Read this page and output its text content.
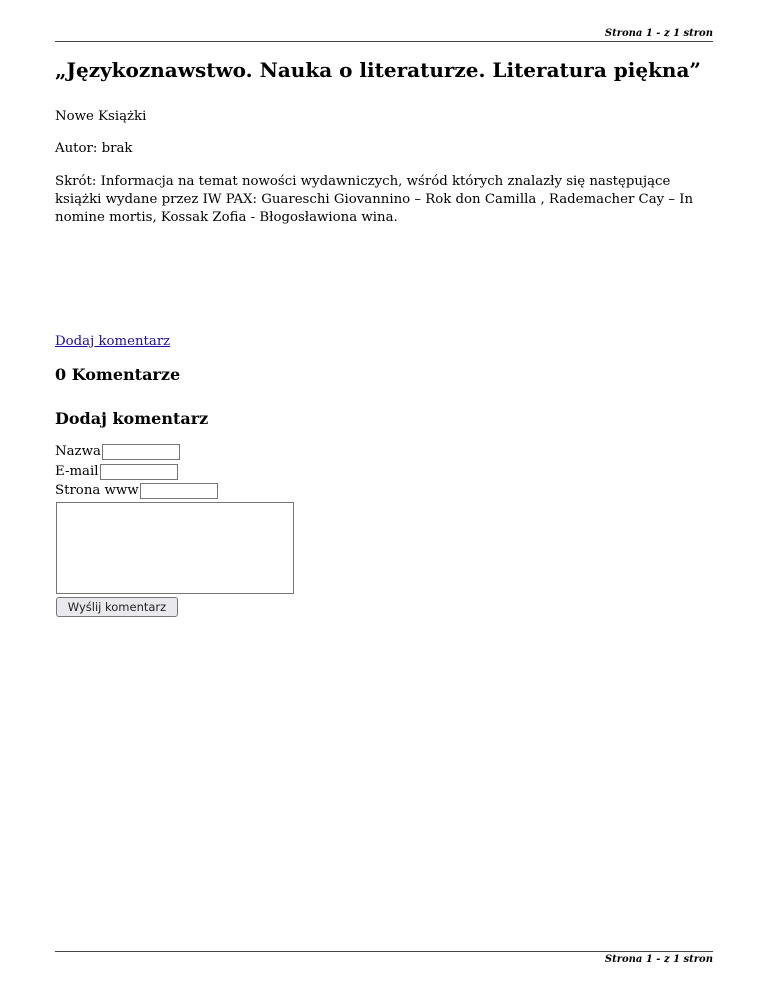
Strona 1 - z 1 stron
„Językoznawstwo. Nauka o literaturze. Literatura piękna”

Nowe Książki

Autor: brak

Skrót: Informacja na temat nowości wydawniczych, wśród których znalazły się następujące książki wydane przez IW PAX: Guareschi Giovannino – Rok don Camilla , Rademacher Cay – In nomine mortis, Kossak Zofia - Błogosławiona wina.

Dodaj komentarz
0 Komentarze
Dodaj komentarz
Nazwa
E-mail
Strona www
Wyślij komentarz
Strona 1 - z 1 stron
